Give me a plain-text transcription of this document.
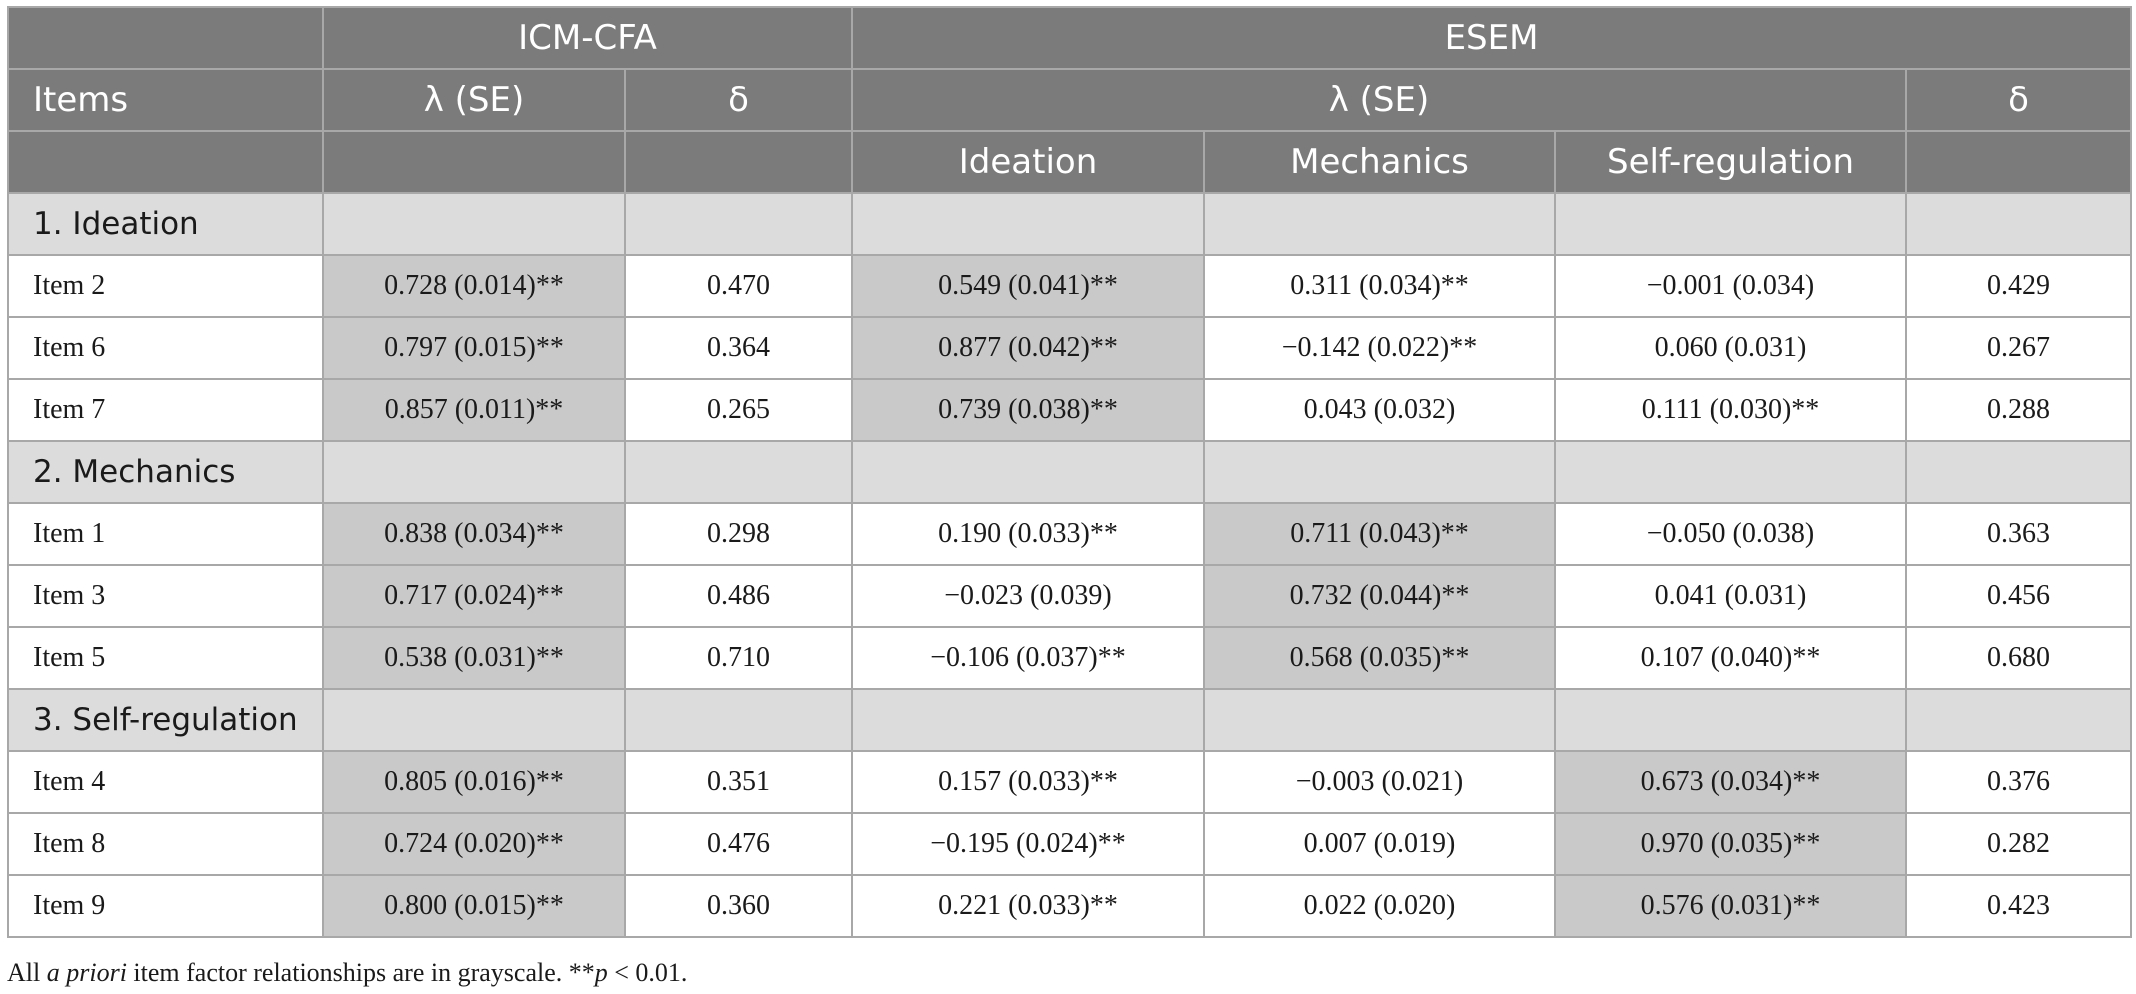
	ICM-CFA		ESEM			
Items	λ (SE)	δ	λ (SE)			δ
			Ideation	Mechanics	Self-regulation	
1. Ideation						
Item 2	0.728 (0.014)**	0.470	0.549 (0.041)**	0.311 (0.034)**	−0.001 (0.034)	0.429
Item 6	0.797 (0.015)**	0.364	0.877 (0.042)**	−0.142 (0.022)**	0.060 (0.031)	0.267
Item 7	0.857 (0.011)**	0.265	0.739 (0.038)**	0.043 (0.032)	0.111 (0.030)**	0.288
2. Mechanics						
Item 1	0.838 (0.034)**	0.298	0.190 (0.033)**	0.711 (0.043)**	−0.050 (0.038)	0.363
Item 3	0.717 (0.024)**	0.486	−0.023 (0.039)	0.732 (0.044)**	0.041 (0.031)	0.456
Item 5	0.538 (0.031)**	0.710	−0.106 (0.037)**	0.568 (0.035)**	0.107 (0.040)**	0.680
3. Self-regulation						
Item 4	0.805 (0.016)**	0.351	0.157 (0.033)**	−0.003 (0.021)	0.673 (0.034)**	0.376
Item 8	0.724 (0.020)**	0.476	−0.195 (0.024)**	0.007 (0.019)	0.970 (0.035)**	0.282
Item 9	0.800 (0.015)**	0.360	0.221 (0.033)**	0.022 (0.020)	0.576 (0.031)**	0.423

All a priori item factor relationships are in grayscale. **p < 0.01.
